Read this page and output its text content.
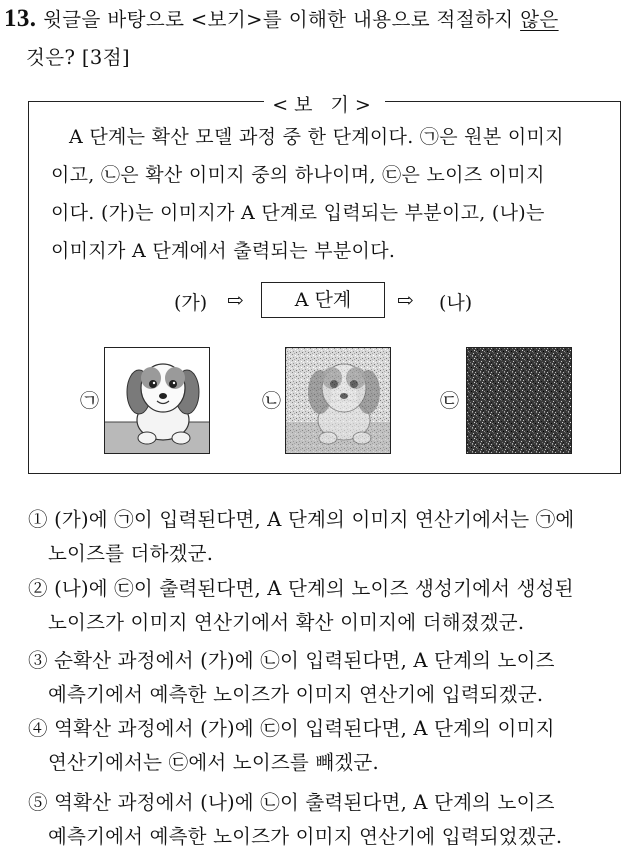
13. 윗글을 바탕으로 <보기>를 이해한 내용으로 적절하지 않은
것은? [3점]
<보 기>
A 단계는 확산 모델 과정 중 한 단계이다. ㉠은 원본 이미지
이고, ㉡은 확산 이미지 중의 하나이며, ㉢은 노이즈 이미지
이다. (가)는 이미지가 A 단계로 입력되는 부분이고, (나)는
이미지가 A 단계에서 출력되는 부분이다.
(가) ⇨	A 단계	⇨ (나)
㉠	㉡	㉢
① (가)에 ㉠이 입력된다면, A 단계의 이미지 연산기에서는 ㉠에
노이즈를 더하겠군.
② (나)에 ㉢이 출력된다면, A 단계의 노이즈 생성기에서 생성된
노이즈가 이미지 연산기에서 확산 이미지에 더해졌겠군.
③ 순확산 과정에서 (가)에 ㉡이 입력된다면, A 단계의 노이즈
예측기에서 예측한 노이즈가 이미지 연산기에 입력되겠군.
④ 역확산 과정에서 (가)에 ㉢이 입력된다면, A 단계의 이미지
연산기에서는 ㉢에서 노이즈를 빼겠군.
⑤ 역확산 과정에서 (나)에 ㉡이 출력된다면, A 단계의 노이즈
예측기에서 예측한 노이즈가 이미지 연산기에 입력되었겠군.
